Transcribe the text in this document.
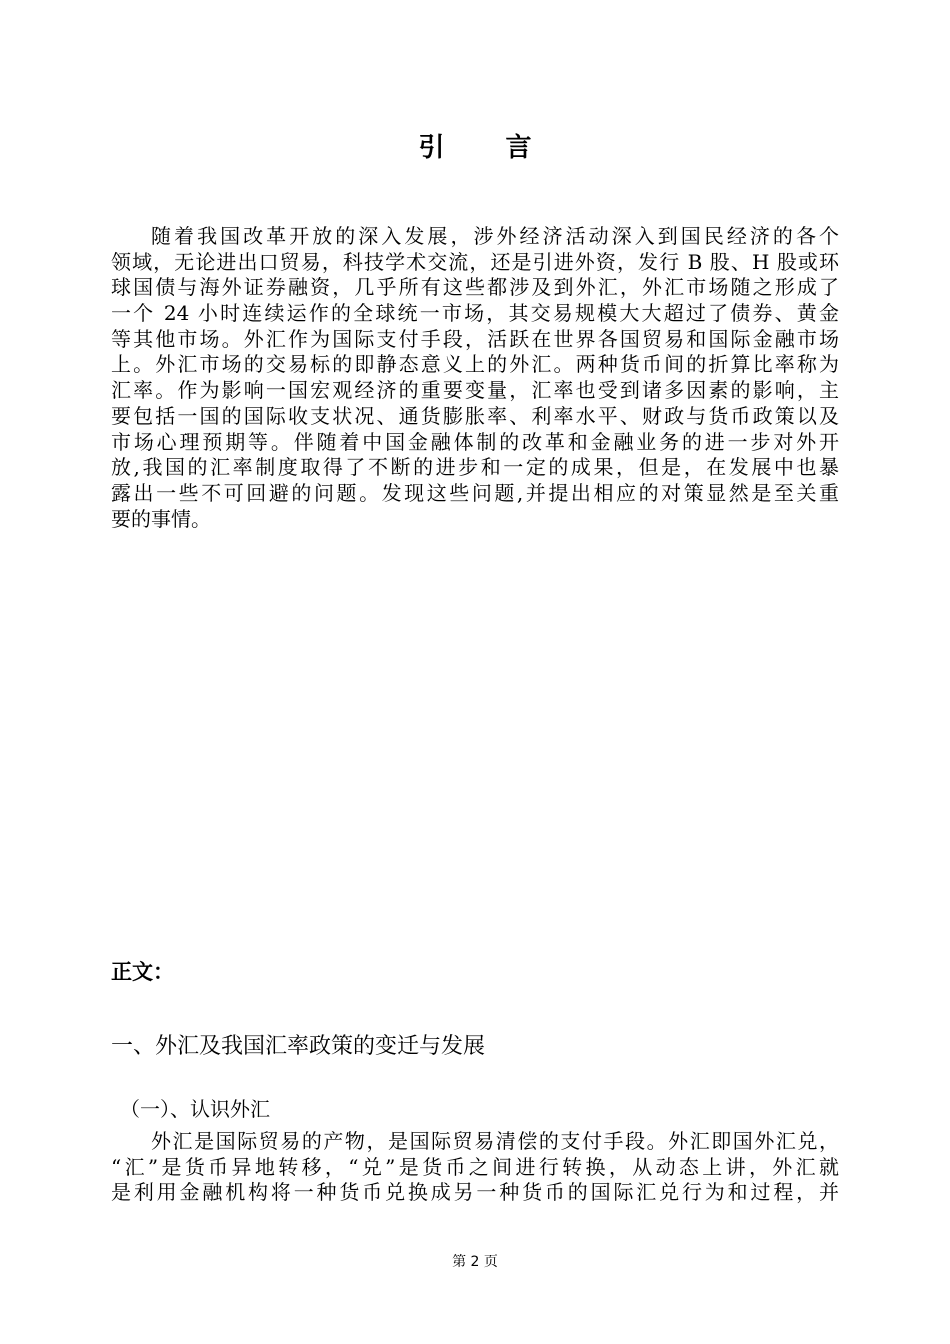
引 言
随着我国改革开放的深入发展，涉外经济活动深入到国民经济的各个
领域，无论进出口贸易，科技学术交流，还是引进外资，发行 B 股、H 股或环
球国债与海外证券融资，几乎所有这些都涉及到外汇，外汇市场随之形成了
一个 24 小时连续运作的全球统一市场，其交易规模大大超过了债券、黄金
等其他市场。外汇作为国际支付手段，活跃在世界各国贸易和国际金融市场
上。外汇市场的交易标的即静态意义上的外汇。两种货币间的折算比率称为
汇率。作为影响一国宏观经济的重要变量，汇率也受到诸多因素的影响，主
要包括一国的国际收支状况、通货膨胀率、利率水平、财政与货币政策以及
市场心理预期等。伴随着中国金融体制的改革和金融业务的进一步对外开
放,我国的汇率制度取得了不断的进步和一定的成果，但是，在发展中也暴
露出一些不可回避的问题。发现这些问题,并提出相应的对策显然是至关重
要的事情。
正文：
一、外汇及我国汇率政策的变迁与发展
（一）、认识外汇
外汇是国际贸易的产物，是国际贸易清偿的支付手段。外汇即国外汇兑，
“汇”是货币异地转移，“兑”是货币之间进行转换，从动态上讲，外汇就
是利用金融机构将一种货币兑换成另一种货币的国际汇兑行为和过程，并
第 2 页
